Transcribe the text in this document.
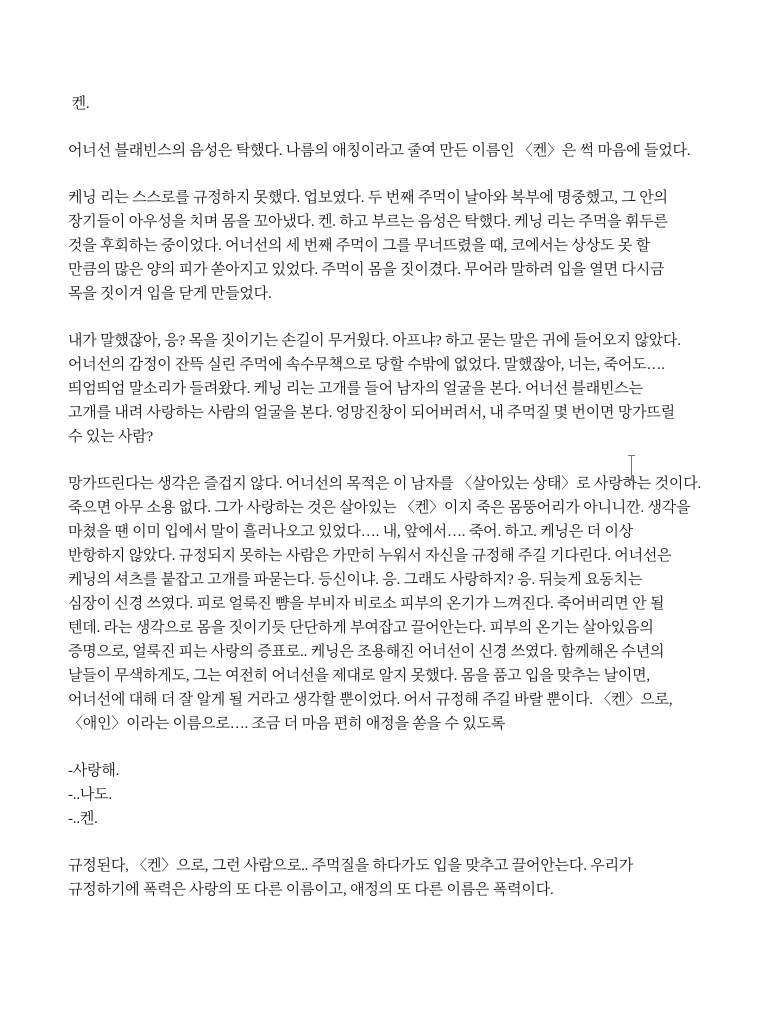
켄.
어너선 블래빈스의 음성은 탁했다. 나름의 애칭이라고 줄여 만든 이름인 〈켄〉은 썩 마음에 들었다.
케닝 리는 스스로를 규정하지 못했다. 업보였다. 두 번째 주먹이 날아와 복부에 명중했고, 그 안의
장기들이 아우성을 치며 몸을 꼬아냈다. 켄. 하고 부르는 음성은 탁했다. 케닝 리는 주먹을 휘두른
것을 후회하는 중이었다. 어너선의 세 번째 주먹이 그를 무너뜨렸을 때, 코에서는 상상도 못 할
만큼의 많은 양의 피가 쏟아지고 있었다. 주먹이 몸을 짓이겼다. 무어라 말하려 입을 열면 다시금
목을 짓이겨 입을 닫게 만들었다.
내가 말했잖아, 응? 목을 짓이기는 손길이 무거웠다. 아프냐? 하고 묻는 말은 귀에 들어오지 않았다.
어너선의 감정이 잔뜩 실린 주먹에 속수무책으로 당할 수밖에 없었다. 말했잖아, 너는, 죽어도….
띄엄띄엄 말소리가 들려왔다. 케닝 리는 고개를 들어 남자의 얼굴을 본다. 어너선 블래빈스는
고개를 내려 사랑하는 사람의 얼굴을 본다. 엉망진창이 되어버려서, 내 주먹질 몇 번이면 망가뜨릴
수 있는 사람?
망가뜨린다는 생각은 즐겁지 않다. 어너선의 목적은 이 남자를 〈살아있는 상태〉로 사랑하는 것이다.
죽으면 아무 소용 없다. 그가 사랑하는 것은 살아있는 〈켄〉이지 죽은 몸뚱어리가 아니니깐. 생각을
마쳤을 땐 이미 입에서 말이 흘러나오고 있었다…. 내, 앞에서…. 죽어. 하고. 케닝은 더 이상
반항하지 않았다. 규정되지 못하는 사람은 가만히 누워서 자신을 규정해 주길 기다린다. 어너선은
케닝의 셔츠를 붙잡고 고개를 파묻는다. 등신이냐. 응. 그래도 사랑하지? 응. 뒤늦게 요동치는
심장이 신경 쓰였다. 피로 얼룩진 뺨을 부비자 비로소 피부의 온기가 느껴진다. 죽어버리면 안 될
텐데. 라는 생각으로 몸을 짓이기듯 단단하게 부여잡고 끌어안는다. 피부의 온기는 살아있음의
증명으로, 얼룩진 피는 사랑의 증표로.. 케닝은 조용해진 어너선이 신경 쓰였다. 함께해온 수년의
날들이 무색하게도, 그는 여전히 어너선을 제대로 알지 못했다. 몸을 품고 입을 맞추는 날이면,
어너선에 대해 더 잘 알게 될 거라고 생각할 뿐이었다. 어서 규정해 주길 바랄 뿐이다. 〈켄〉으로,
〈애인〉이라는 이름으로…. 조금 더 마음 편히 애정을 쏟을 수 있도록
-사랑해.
-..나도.
-..켄.
규정된다, 〈켄〉으로, 그런 사람으로.. 주먹질을 하다가도 입을 맞추고 끌어안는다. 우리가
규정하기에 폭력은 사랑의 또 다른 이름이고, 애정의 또 다른 이름은 폭력이다.
